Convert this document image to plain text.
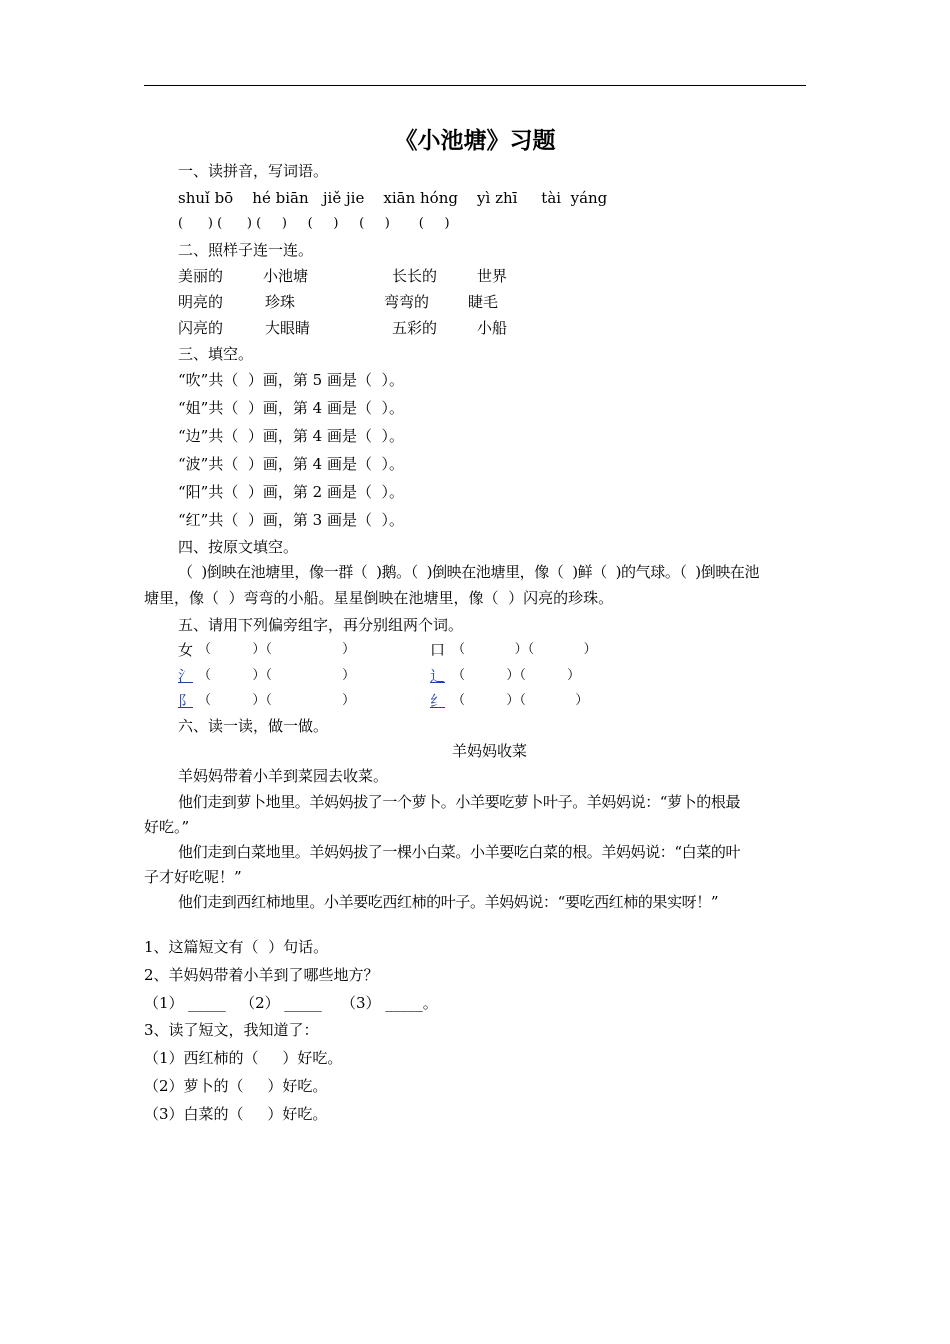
《小池塘》习题
一、读拼音，写词语。
shuǐ bō    hé biān   jiě jie    xiān hóng    yì zhī     tài  yáng
(      ) (      ) (     )     (     )     (     )       (     )
二、照样子连一连。
美丽的	小池塘	长长的	世界
明亮的	珍珠	弯弯的	睫毛
闪亮的	大眼睛	五彩的	小船
三、填空。
“吹”共（  ）画，第 5 画是（  ）。
“姐”共（  ）画，第 4 画是（  ）。
“边”共（  ）画，第 4 画是（  ）。
“波”共（  ）画，第 4 画是（  ）。
“阳”共（  ）画，第 2 画是（  ）。
“红”共（  ）画，第 3 画是（  ）。
四、按原文填空。
（  )倒映在池塘里，像一群（  )鹅。（  )倒映在池塘里，像（  )鲜（  )的气球。（  )倒映在池
塘里，像（  ）弯弯的小船。星星倒映在池塘里，像（  ）闪亮的珍珠。
五、请用下列偏旁组字，再分别组两个词。
女 （          ）（                 ）	口 （            ）（            ）
氵 （          ）（                 ）	辶 （          ）（          ）
阝 （          ）（                 ）	纟 （          ）（            ）
六、读一读，做一做。
羊妈妈收菜
羊妈妈带着小羊到菜园去收菜。
他们走到萝卜地里。羊妈妈拔了一个萝卜。小羊要吃萝卜叶子。羊妈妈说：“萝卜的根最
好吃。”
他们走到白菜地里。羊妈妈拔了一棵小白菜。小羊要吃白菜的根。羊妈妈说：“白菜的叶
子才好吃呢！”
他们走到西红柿地里。小羊要吃西红柿的叶子。羊妈妈说：“要吃西红柿的果实呀！”
1、这篇短文有（  ）句话。
2、羊妈妈带着小羊到了哪些地方？
（1） _____   （2） _____    （3） _____。
3、读了短文，我知道了：
（1）西红柿的（     ）好吃。
（2）萝卜的（     ）好吃。
（3）白菜的（     ）好吃。
